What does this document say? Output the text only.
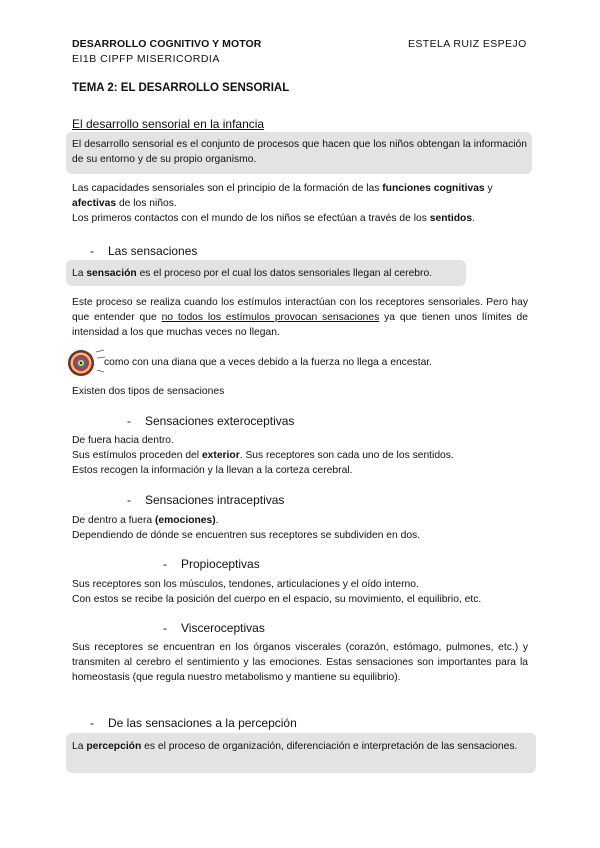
DESARROLLO COGNITIVO Y MOTOR	ESTELA RUIZ ESPEJO
EI1B CIPFP MISERICORDIA
TEMA 2: EL DESARROLLO SENSORIAL
El desarrollo sensorial en la infancia
El desarrollo sensorial es el conjunto de procesos que hacen que los niños obtengan la información de su entorno y de su propio organismo.
Las capacidades sensoriales son el principio de la formación de las funciones cognitivas y afectivas de los niños.
Los primeros contactos con el mundo de los niños se efectúan a través de los sentidos.
- Las sensaciones
La sensación es el proceso por el cual los datos sensoriales llegan al cerebro.
Este proceso se realiza cuando los estímulos interactúan con los receptores sensoriales. Pero hay que entender que no todos los estímulos provocan sensaciones ya que tienen unos límites de intensidad a los que muchas veces no llegan.
como con una diana que a veces debido a la fuerza no llega a encestar.
Existen dos tipos de sensaciones
- Sensaciones exteroceptivas
De fuera hacia dentro.
Sus estímulos proceden del exterior. Sus receptores son cada uno de los sentidos.
Estos recogen la información y la llevan a la corteza cerebral.
- Sensaciones intraceptivas
De dentro a fuera (emociones).
Dependiendo de dónde se encuentren sus receptores se subdividen en dos.
- Propioceptivas
Sus receptores son los músculos, tendones, articulaciones y el oído interno.
Con estos se recibe la posición del cuerpo en el espacio, su movimiento, el equilibrio, etc.
- Visceroceptivas
Sus receptores se encuentran en los órganos viscerales (corazón, estómago, pulmones, etc.) y transmiten al cerebro el sentimiento y las emociones. Estas sensaciones son importantes para la homeostasis (que regula nuestro metabolismo y mantiene su equilibrio).
- De las sensaciones a la percepción
La percepción es el proceso de organización, diferenciación e interpretación de las sensaciones.
